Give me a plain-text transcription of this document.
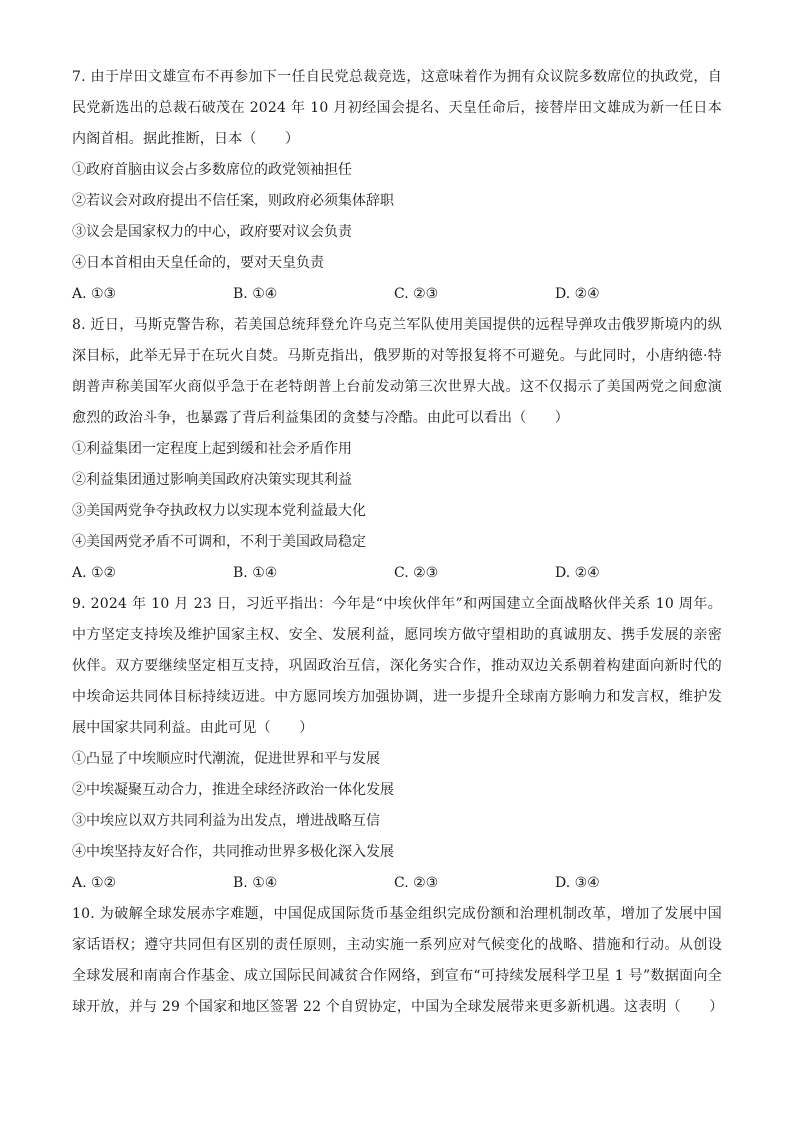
7. 由于岸田文雄宣布不再参加下一任自民党总裁竞选，这意味着作为拥有众议院多数席位的执政党，自民党新选出的总裁石破茂在 2024 年 10 月初经国会提名、天皇任命后，接替岸田文雄成为新一任日本内阁首相。据此推断，日本（　　）

①政府首脑由议会占多数席位的政党领袖担任

②若议会对政府提出不信任案，则政府必须集体辞职

③议会是国家权力的中心，政府要对议会负责

④日本首相由天皇任命的，要对天皇负责

A. ①③	B. ①④	C. ②③	D. ②④

8. 近日，马斯克警告称，若美国总统拜登允许乌克兰军队使用美国提供的远程导弹攻击俄罗斯境内的纵深目标，此举无异于在玩火自焚。马斯克指出，俄罗斯的对等报复将不可避免。与此同时，小唐纳德·特朗普声称美国军火商似乎急于在老特朗普上台前发动第三次世界大战。这不仅揭示了美国两党之间愈演愈烈的政治斗争，也暴露了背后利益集团的贪婪与冷酷。由此可以看出（　　）

①利益集团一定程度上起到缓和社会矛盾作用

②利益集团通过影响美国政府决策实现其利益

③美国两党争夺执政权力以实现本党利益最大化

④美国两党矛盾不可调和，不利于美国政局稳定

A. ①②	B. ①④	C. ②③	D. ②④

9. 2024 年 10 月 23 日，习近平指出：今年是“中埃伙伴年”和两国建立全面战略伙伴关系 10 周年。中方坚定支持埃及维护国家主权、安全、发展利益，愿同埃方做守望相助的真诚朋友、携手发展的亲密伙伴。双方要继续坚定相互支持，巩固政治互信，深化务实合作，推动双边关系朝着构建面向新时代的中埃命运共同体目标持续迈进。中方愿同埃方加强协调，进一步提升全球南方影响力和发言权，维护发展中国家共同利益。由此可见（　　）

①凸显了中埃顺应时代潮流，促进世界和平与发展

②中埃凝聚互动合力，推进全球经济政治一体化发展

③中埃应以双方共同利益为出发点，增进战略互信

④中埃坚持友好合作，共同推动世界多极化深入发展

A. ①②	B. ①④	C. ②③	D. ③④

10. 为破解全球发展赤字难题，中国促成国际货币基金组织完成份额和治理机制改革，增加了发展中国家话语权；遵守共同但有区别的责任原则，主动实施一系列应对气候变化的战略、措施和行动。从创设全球发展和南南合作基金、成立国际民间减贫合作网络，到宣布“可持续发展科学卫星 1 号”数据面向全球开放，并与 29 个国家和地区签署 22 个自贸协定，中国为全球发展带来更多新机遇。这表明（　　）
